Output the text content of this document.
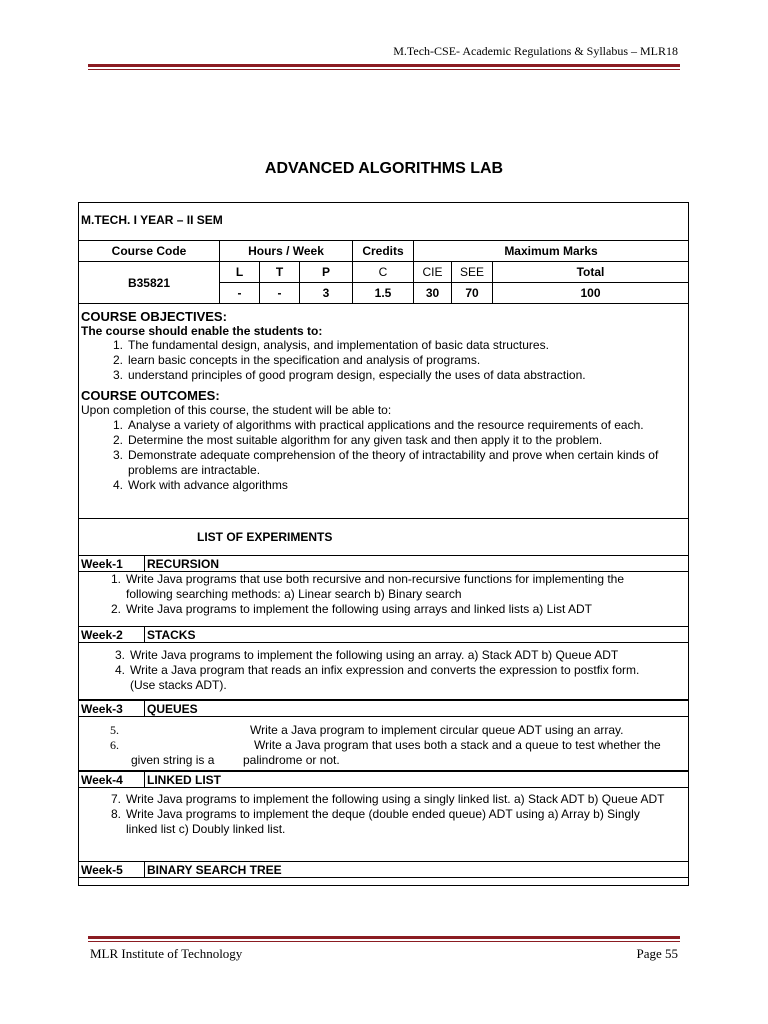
M.Tech-CSE- Academic Regulations & Syllabus – MLR18
ADVANCED ALGORITHMS LAB
M.TECH. I YEAR – II SEM
Course Code	Hours / Week			Credits	Maximum Marks		
B35821	L	T	P	C	CIE	SEE	Total
	-	-	3	1.5	30	70	100
COURSE OBJECTIVES:
The course should enable the students to:
1. The fundamental design, analysis, and implementation of basic data structures.
2. learn basic concepts in the specification and analysis of programs.
3. understand principles of good program design, especially the uses of data abstraction.
COURSE OUTCOMES:
Upon completion of this course, the student will be able to:
1. Analyse a variety of algorithms with practical applications and the resource requirements of each.
2. Determine the most suitable algorithm for any given task and then apply it to the problem.
3. Demonstrate adequate comprehension of the theory of intractability and prove when certain kinds of problems are intractable.
4. Work with advance algorithms
LIST OF EXPERIMENTS
Week-1 RECURSION
1. Write Java programs that use both recursive and non-recursive functions for implementing the following searching methods: a) Linear search b) Binary search
2. Write Java programs to implement the following using arrays and linked lists a) List ADT
Week-2 STACKS
3. Write Java programs to implement the following using an array. a) Stack ADT b) Queue ADT
4. Write a Java program that reads an infix expression and converts the expression to postfix form. (Use stacks ADT).
Week-3 QUEUES
5.	Write a Java program to implement circular queue ADT using an array.
6.	Write a Java program that uses both a stack and a queue to test whether the
given string is a palindrome or not.
Week-4 LINKED LIST
7. Write Java programs to implement the following using a singly linked list. a) Stack ADT b) Queue ADT
8. Write Java programs to implement the deque (double ended queue) ADT using a) Array b) Singly linked list c) Doubly linked list.
Week-5 BINARY SEARCH TREE
MLR Institute of Technology	Page 55
